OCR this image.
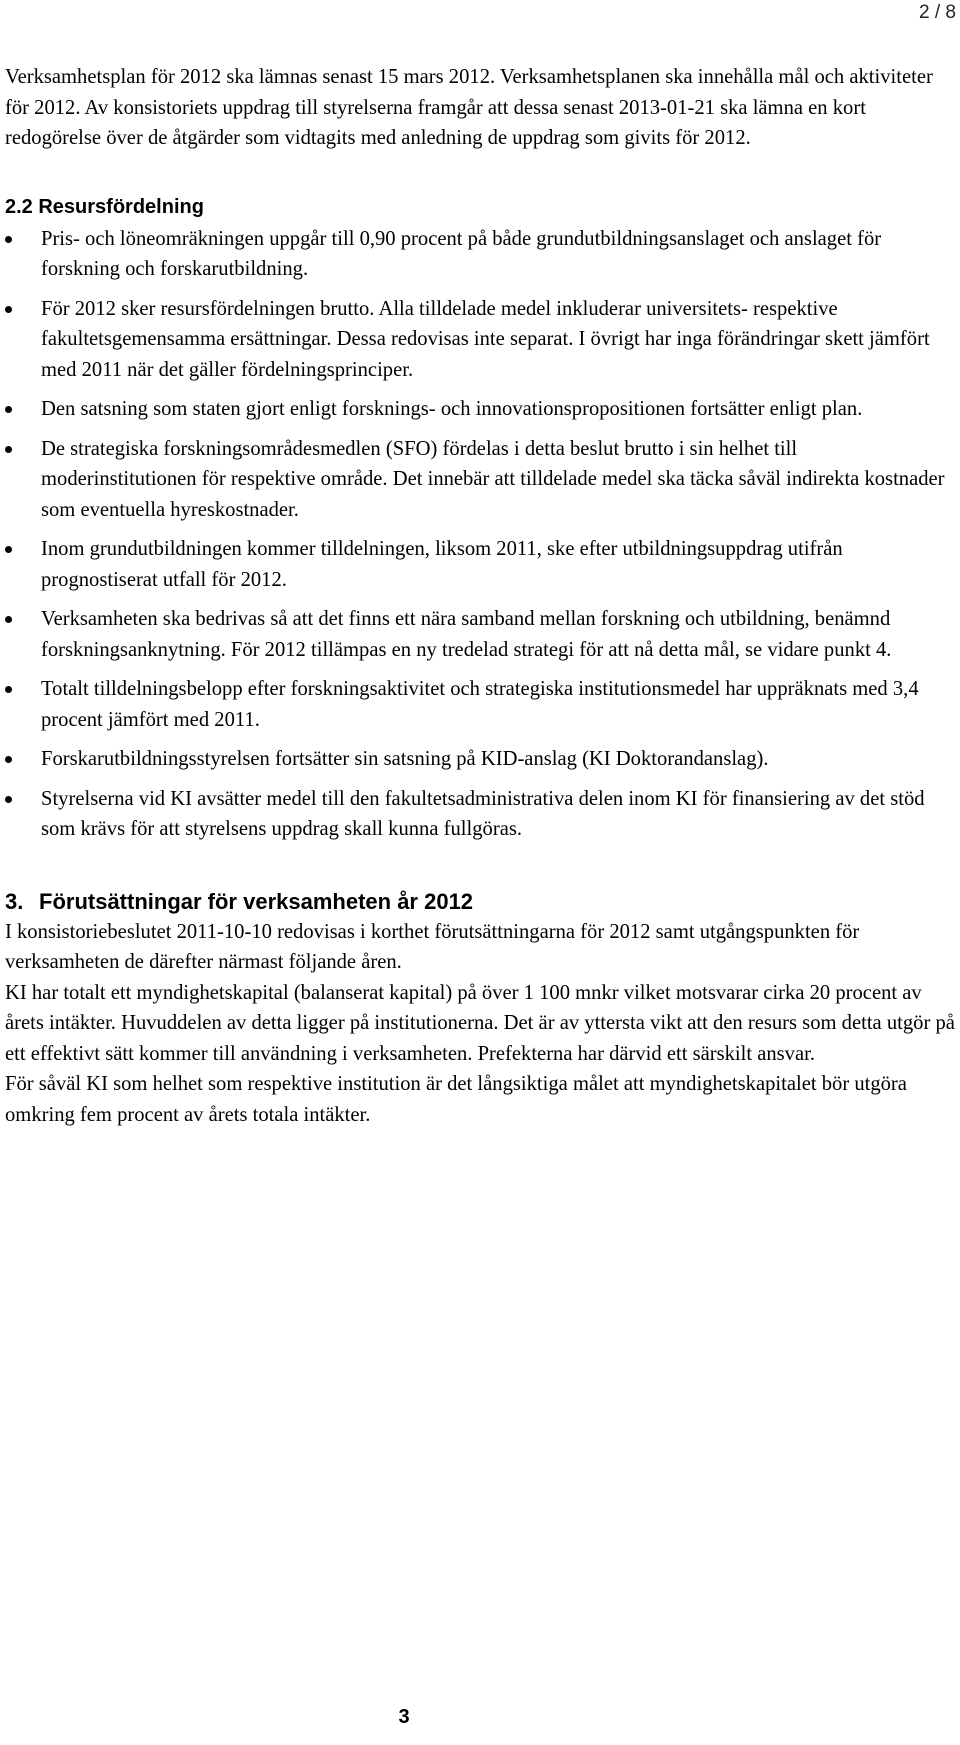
2 / 8

Verksamhetsplan för 2012 ska lämnas senast 15 mars 2012. Verksamhetsplanen ska innehålla mål och aktiviteter för 2012. Av konsistoriets uppdrag till styrelserna framgår att dessa senast 2013-01-21 ska lämna en kort redogörelse över de åtgärder som vidtagits med anledning de uppdrag som givits för 2012.

2.2 Resursfördelning
Pris- och löneomräkningen uppgår till 0,90 procent på både grundutbildningsanslaget och anslaget för forskning och forskarutbildning.
För 2012 sker resursfördelningen brutto. Alla tilldelade medel inkluderar universitets- respektive fakultetsgemensamma ersättningar. Dessa redovisas inte separat. I övrigt har inga förändringar skett jämfört med 2011 när det gäller fördelningsprinciper.
Den satsning som staten gjort enligt forsknings- och innovationspropositionen fortsätter enligt plan.
De strategiska forskningsområdesmedlen (SFO) fördelas i detta beslut brutto i sin helhet till moderinstitutionen för respektive område. Det innebär att tilldelade medel ska täcka såväl indirekta kostnader som eventuella hyreskostnader.
Inom grundutbildningen kommer tilldelningen, liksom 2011, ske efter utbildningsuppdrag utifrån prognostiserat utfall för 2012.
Verksamheten ska bedrivas så att det finns ett nära samband mellan forskning och utbildning, benämnd forskningsanknytning. För 2012 tillämpas en ny tredelad strategi för att nå detta mål, se vidare punkt 4.
Totalt tilldelningsbelopp efter forskningsaktivitet och strategiska institutionsmedel har uppräknats med 3,4 procent jämfört med 2011.
Forskarutbildningsstyrelsen fortsätter sin satsning på KID-anslag (KI Doktorandanslag).
Styrelserna vid KI avsätter medel till den fakultetsadministrativa delen inom KI för finansiering av det stöd som krävs för att styrelsens uppdrag skall kunna fullgöras.
3. Förutsättningar för verksamheten år 2012

I konsistoriebeslutet 2011-10-10 redovisas i korthet förutsättningarna för 2012 samt utgångspunkten för verksamheten de därefter närmast följande åren.

KI har totalt ett myndighetskapital (balanserat kapital) på över 1 100 mnkr vilket motsvarar cirka 20 procent av årets intäkter. Huvuddelen av detta ligger på institutionerna. Det är av yttersta vikt att den resurs som detta utgör på ett effektivt sätt kommer till användning i verksamheten. Prefekterna har därvid ett särskilt ansvar.

För såväl KI som helhet som respektive institution är det långsiktiga målet att myndighetskapitalet bör utgöra omkring fem procent av årets totala intäkter.

3
